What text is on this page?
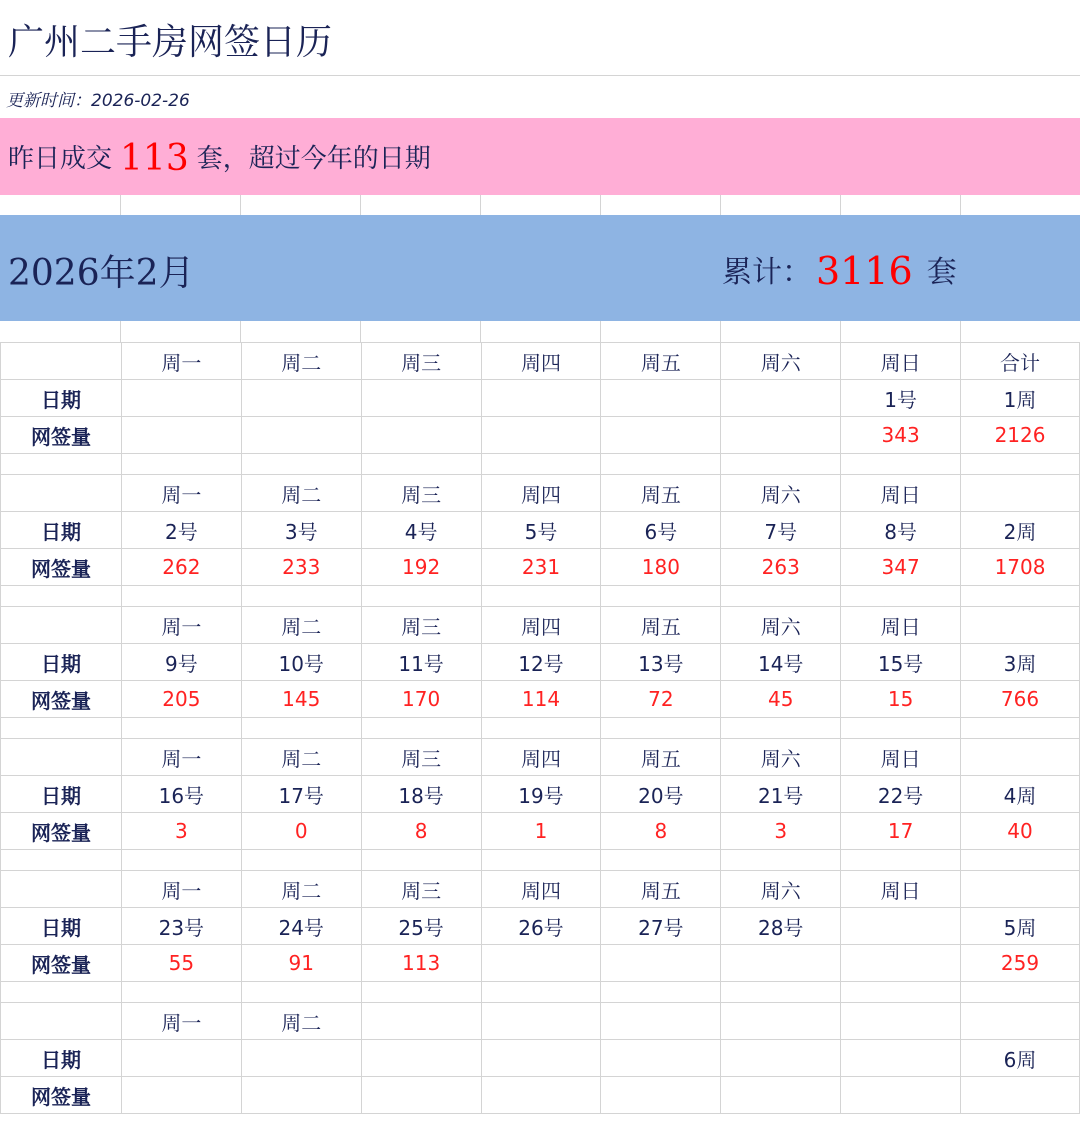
广州二手房网签日历
更新时间：2026-02-26
昨日成交 113 套，超过今年的日期
2026年2月	累计： 3116 套
	周一	周二	周三	周四	周五	周六	周日	合计
日期							1号	1周
网签量							343	2126

	周一	周二	周三	周四	周五	周六	周日	
日期	2号	3号	4号	5号	6号	7号	8号	2周
网签量	262	233	192	231	180	263	347	1708

	周一	周二	周三	周四	周五	周六	周日	
日期	9号	10号	11号	12号	13号	14号	15号	3周
网签量	205	145	170	114	72	45	15	766

	周一	周二	周三	周四	周五	周六	周日	
日期	16号	17号	18号	19号	20号	21号	22号	4周
网签量	3	0	8	1	8	3	17	40

	周一	周二	周三	周四	周五	周六	周日	
日期	23号	24号	25号	26号	27号	28号		5周
网签量	55	91	113					259

	周一	周二						
日期								6周
网签量								
